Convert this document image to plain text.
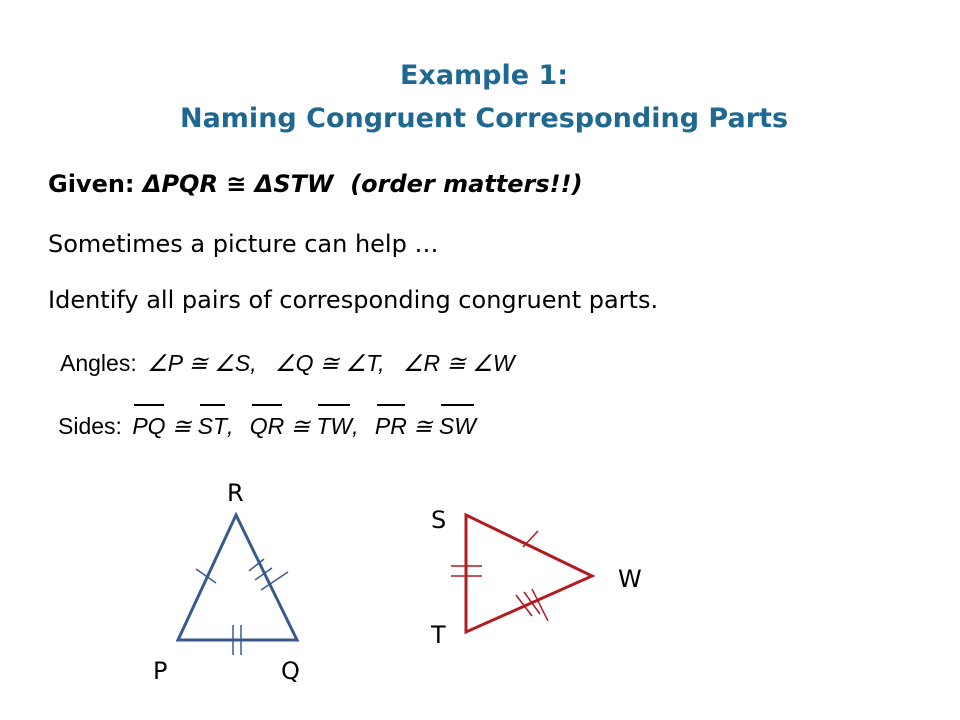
Example 1:
Naming Congruent Corresponding Parts
Given: ΔPQR ≅ ΔSTW (order matters!!)
Sometimes a picture can help …
Identify all pairs of corresponding congruent parts.
Angles: ∠P ≅ ∠S, ∠Q ≅ ∠T, ∠R ≅ ∠W
Sides: PQ ≅ ST, QR ≅ TW, PR ≅ SW
R
P	Q
S
T
W
